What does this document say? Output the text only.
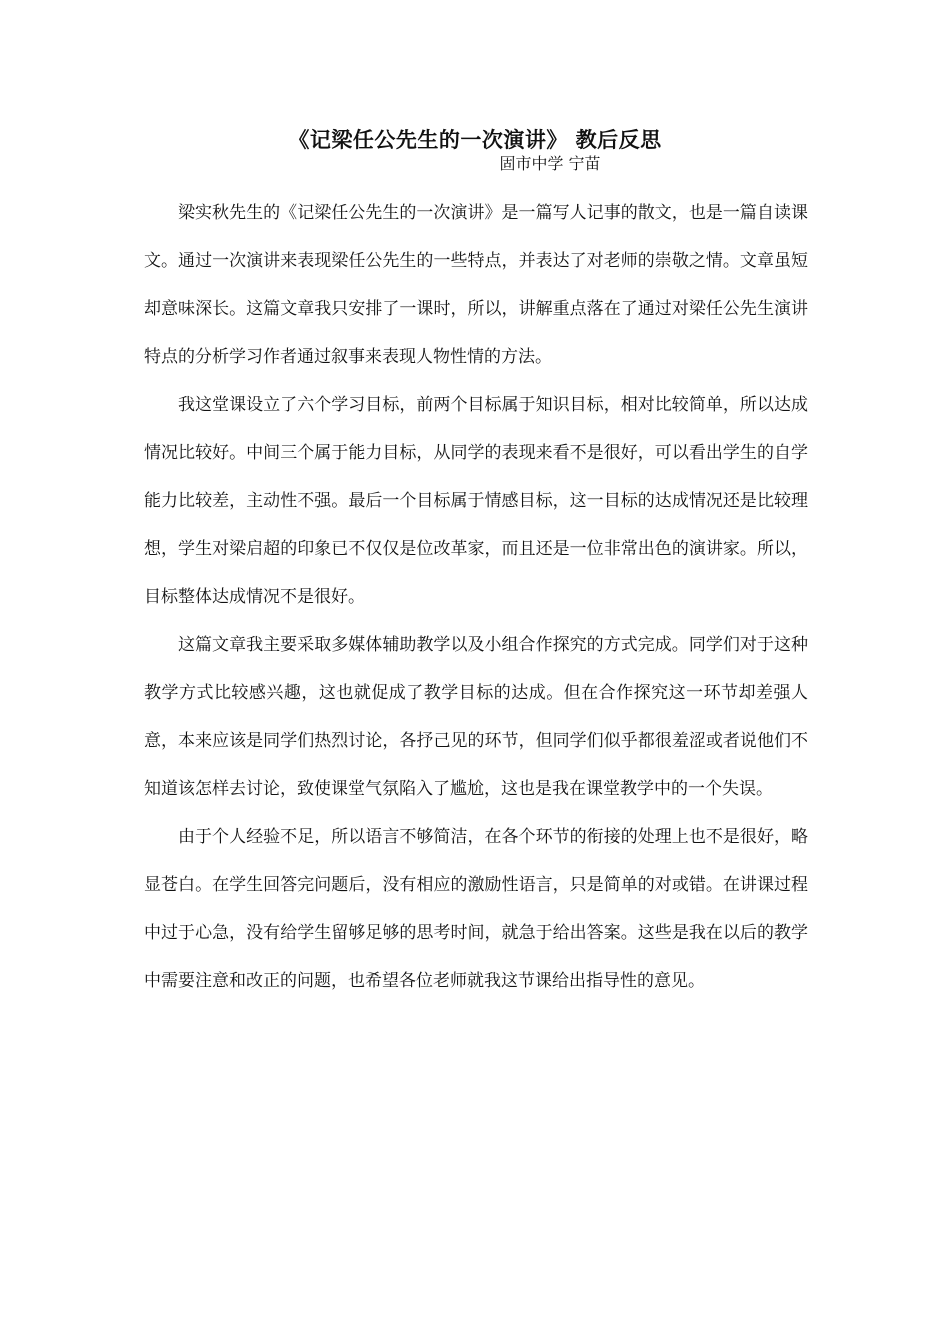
《记梁任公先生的一次演讲》 教后反思
固市中学 宁苗

梁实秋先生的《记梁任公先生的一次演讲》是一篇写人记事的散文，也是一篇自读课文。通过一次演讲来表现梁任公先生的一些特点，并表达了对老师的崇敬之情。文章虽短却意味深长。这篇文章我只安排了一课时，所以，讲解重点落在了通过对梁任公先生演讲特点的分析学习作者通过叙事来表现人物性情的方法。

我这堂课设立了六个学习目标，前两个目标属于知识目标，相对比较简单，所以达成情况比较好。中间三个属于能力目标，从同学的表现来看不是很好，可以看出学生的自学能力比较差，主动性不强。最后一个目标属于情感目标，这一目标的达成情况还是比较理想，学生对梁启超的印象已不仅仅是位改革家，而且还是一位非常出色的演讲家。所以，目标整体达成情况不是很好。

这篇文章我主要采取多媒体辅助教学以及小组合作探究的方式完成。同学们对于这种教学方式比较感兴趣，这也就促成了教学目标的达成。但在合作探究这一环节却差强人意，本来应该是同学们热烈讨论，各抒己见的环节，但同学们似乎都很羞涩或者说他们不知道该怎样去讨论，致使课堂气氛陷入了尴尬，这也是我在课堂教学中的一个失误。

由于个人经验不足，所以语言不够简洁，在各个环节的衔接的处理上也不是很好，略显苍白。在学生回答完问题后，没有相应的激励性语言，只是简单的对或错。在讲课过程中过于心急，没有给学生留够足够的思考时间，就急于给出答案。这些是我在以后的教学中需要注意和改正的问题，也希望各位老师就我这节课给出指导性的意见。
